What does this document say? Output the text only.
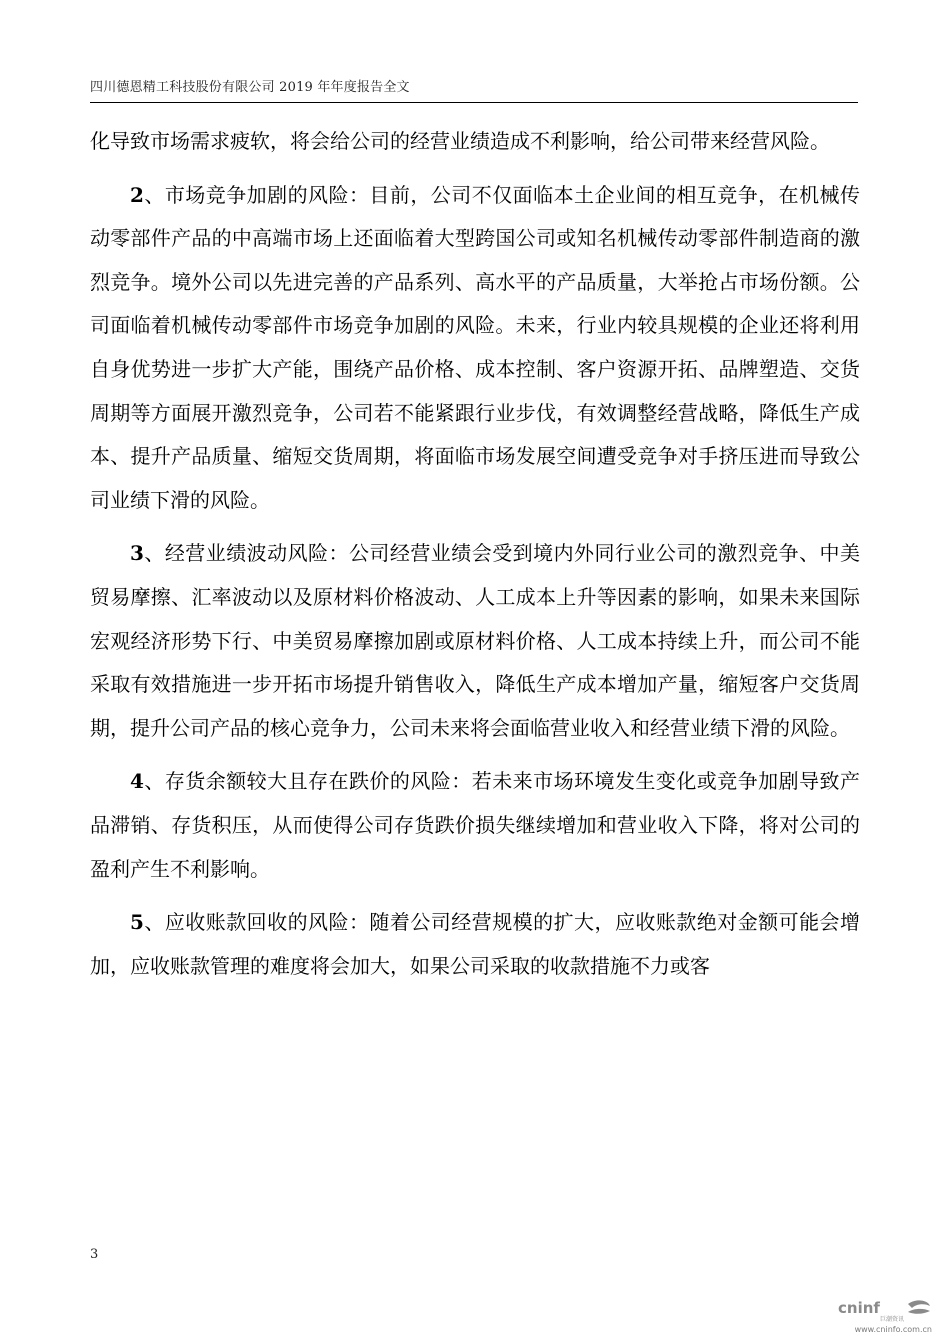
四川德恩精工科技股份有限公司 2019 年年度报告全文

化导致市场需求疲软，将会给公司的经营业绩造成不利影响，给公司带来经营风险。

2、市场竞争加剧的风险：目前，公司不仅面临本土企业间的相互竞争，在机械传动零部件产品的中高端市场上还面临着大型跨国公司或知名机械传动零部件制造商的激烈竞争。境外公司以先进完善的产品系列、高水平的产品质量，大举抢占市场份额。公司面临着机械传动零部件市场竞争加剧的风险。未来，行业内较具规模的企业还将利用自身优势进一步扩大产能，围绕产品价格、成本控制、客户资源开拓、品牌塑造、交货周期等方面展开激烈竞争，公司若不能紧跟行业步伐，有效调整经营战略，降低生产成本、提升产品质量、缩短交货周期，将面临市场发展空间遭受竞争对手挤压进而导致公司业绩下滑的风险。

3、经营业绩波动风险：公司经营业绩会受到境内外同行业公司的激烈竞争、中美贸易摩擦、汇率波动以及原材料价格波动、人工成本上升等因素的影响，如果未来国际宏观经济形势下行、中美贸易摩擦加剧或原材料价格、人工成本持续上升，而公司不能采取有效措施进一步开拓市场提升销售收入，降低生产成本增加产量，缩短客户交货周期，提升公司产品的核心竞争力，公司未来将会面临营业收入和经营业绩下滑的风险。

4、存货余额较大且存在跌价的风险：若未来市场环境发生变化或竞争加剧导致产品滞销、存货积压，从而使得公司存货跌价损失继续增加和营业收入下降，将对公司的盈利产生不利影响。

5、应收账款回收的风险：随着公司经营规模的扩大，应收账款绝对金额可能会增加，应收账款管理的难度将会加大，如果公司采取的收款措施不力或客

3
cninf
巨潮资讯
www.cninfo.com.cn
